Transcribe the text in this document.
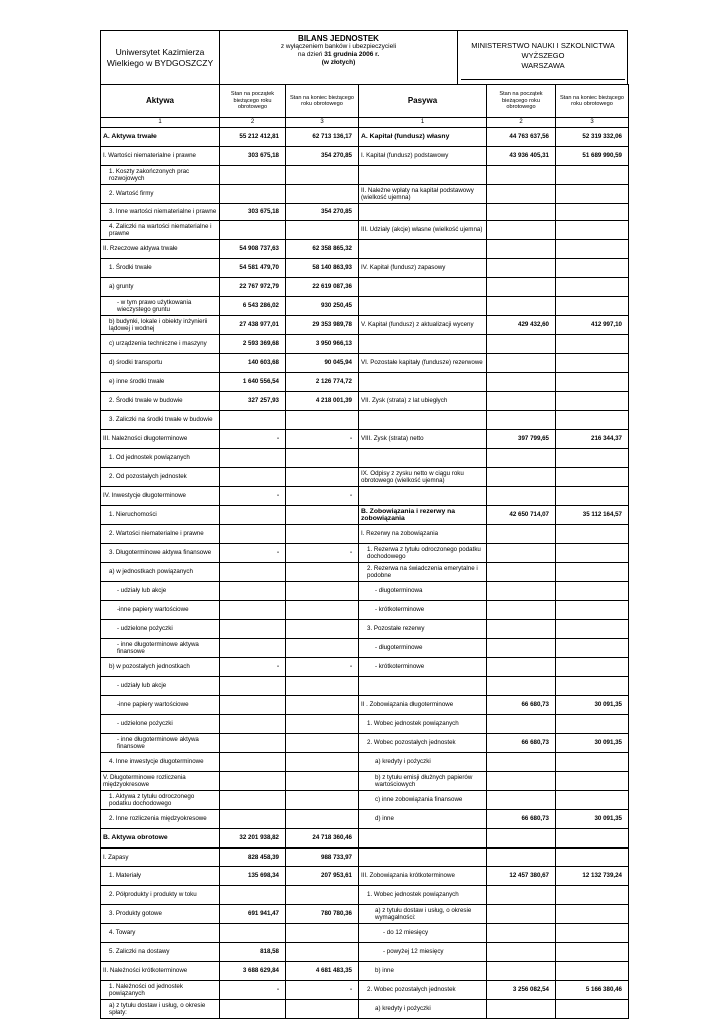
Uniwersytet Kazimierza
Wielkiego w BYDGOSZCZY
BILANS JEDNOSTEK
z wyłączeniem banków i ubezpieczycieli
na dzień 31 grudnia 2006 r.
(w złotych)
MINISTERSTWO NAUKI I SZKOLNICTWA
WYŻSZEGO
WARSZAWA
Aktywa	Stan na początek bieżącego roku obrotowego	Stan na koniec bieżącego roku obrotowego	Pasywa	Stan na początek bieżącego roku obrotowego	Stan na koniec bieżącego roku obrotowego
1	2	3	1	2	3
A. Aktywa trwałe	55 212 412,81	62 713 136,17	A. Kapitał (fundusz) własny	44 763 637,56	52 319 332,06
I. Wartości niematerialne i prawne	303 675,18	354 270,85	I. Kapitał (fundusz) podstawowy	43 936 405,31	51 689 990,59
1. Koszty zakończonych prac rozwojowych					
2. Wartość firmy			II. Należne wpłaty na kapitał podstawowy (wielkość ujemna)		
3. Inne wartości niematerialne i prawne	303 675,18	354 270,85			
4. Zaliczki na wartości niematerialne i prawne			III. Udziały (akcje) własne (wielkość ujemna)		
II. Rzeczowe aktywa trwałe	54 908 737,63	62 358 865,32			
1. Środki trwałe	54 581 479,70	58 140 863,93	IV. Kapitał (fundusz) zapasowy		
a) grunty	22 767 972,79	22 619 087,36			
- w tym prawo użytkowania wieczystego gruntu	6 543 286,02	930 250,45			
b) budynki, lokale i obiekty inżynierii lądowej i wodnej	27 438 977,01	29 353 989,78	V. Kapitał (fundusz) z aktualizacji wyceny	429 432,60	412 997,10
c) urządzenia techniczne i maszyny	2 593 369,68	3 950 966,13			
d) środki transportu	140 603,68	90 045,94	VI. Pozostałe kapitały (fundusze) rezerwowe		
e) inne środki trwałe	1 640 556,54	2 126 774,72			
2. Środki trwałe w budowie	327 257,93	4 218 001,39	VII. Zysk (strata) z lat ubiegłych		
3. Zaliczki na środki trwałe w budowie					
III. Należności długoterminowe	-	-	VIII. Zysk (strata) netto	397 799,65	216 344,37
1. Od jednostek powiązanych					
2. Od pozostałych jednostek			IX. Odpisy z zysku netto w ciągu roku obrotowego (wielkość ujemna)		
IV. Inwestycje długoterminowe	-	-			
1. Nieruchomości			B. Zobowiązania i rezerwy na zobowiązania	42 650 714,07	35 112 164,57
2. Wartości niematerialne i prawne			I. Rezerwy na zobowiązania		
3. Długoterminowe aktywa finansowe	-	-	1. Rezerwa z tytułu odroczonego podatku dochodowego		
a) w jednostkach powiązanych			2. Rezerwa na świadczenia emerytalne i podobne		
- udziały lub akcje			- długoterminowa		
-inne papiery wartościowe			- krótkoterminowe		
- udzielone pożyczki			3. Pozostałe rezerwy		
- inne długoterminowe aktywa finansowe			- długoterminowe		
b) w pozostałych jednostkach	-	-	- krótkoterminowe		
- udziały lub akcje					
-inne papiery wartościowe			II . Zobowiązania długoterminowe	66 680,73	30 091,35
- udzielone pożyczki			1. Wobec jednostek powiązanych		
- inne długoterminowe aktywa finansowe			2. Wobec pozostałych jednostek	66 680,73	30 091,35
4. Inne inwestycje długoterminowe			a) kredyty i pożyczki		
V. Długoterminowe rozliczenia międzyokresowe			b) z tytułu emisji dłużnych papierów wartościowych		
1. Aktywa z tytułu odroczonego podatku dochodowego			c) inne zobowiązania finansowe		
2. Inne rozliczenia międzyokresowe			d) inne	66 680,73	30 091,35
B. Aktywa obrotowe	32 201 938,82	24 718 360,46			
I. Zapasy	828 458,39	988 733,97			
1. Materiały	135 698,34	207 953,61	III. Zobowiązania krótkoterminowe	12 457 380,67	12 132 739,24
2. Półprodukty i produkty w toku			1. Wobec jednostek powiązanych		
3. Produkty gotowe	691 941,47	780 780,36	a) z tytułu dostaw i usług, o okresie wymagalności:		
4. Towary			- do 12 miesięcy		
5. Zaliczki na dostawy	818,58		- powyżej 12 miesięcy		
II. Należności krótkoterminowe	3 688 629,84	4 681 483,35	b) inne		
1. Należności od jednostek powiązanych	-	-	2. Wobec pozostałych jednostek	3 256 082,54	5 166 380,46
a) z tytułu dostaw i usług, o okresie spłaty:			a) kredyty i pożyczki		
